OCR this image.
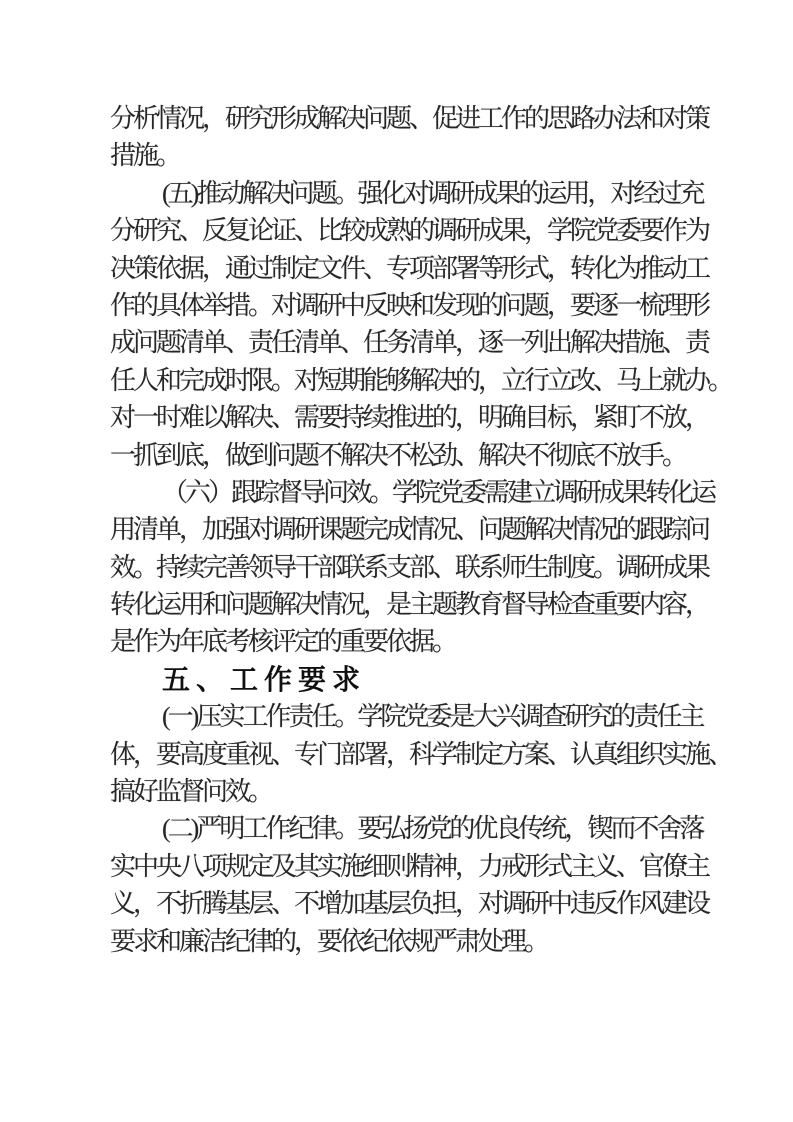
分析情况，研究形成解决问题、促进工作的思路办法和对策
措施。
(五)推动解决问题。强化对调研成果的运用，对经过充
分研究、反复论证、比较成熟的调研成果，学院党委要作为
决策依据，通过制定文件、专项部署等形式，转化为推动工
作的具体举措。对调研中反映和发现的问题，要逐一梳理形
成问题清单、责任清单、任务清单，逐一列出解决措施、责
任人和完成时限。对短期能够解决的，立行立改、马上就办。
对一时难以解决、需要持续推进的，明确目标，紧盯不放，
一抓到底，做到问题不解决不松劲、解决不彻底不放手。
（六）跟踪督导问效。学院党委需建立调研成果转化运
用清单，加强对调研课题完成情况、问题解决情况的跟踪问
效。持续完善领导干部联系支部、联系师生制度。调研成果
转化运用和问题解决情况，是主题教育督导检查重要内容，
是作为年底考核评定的重要依据。
五、工作要求
(一)压实工作责任。学院党委是大兴调查研究的责任主
体，要高度重视、专门部署，科学制定方案、认真组织实施、
搞好监督问效。
(二)严明工作纪律。要弘扬党的优良传统，锲而不舍落
实中央八项规定及其实施细则精神，力戒形式主义、官僚主
义，不折腾基层、不增加基层负担，对调研中违反作风建设
要求和廉洁纪律的，要依纪依规严肃处理。
